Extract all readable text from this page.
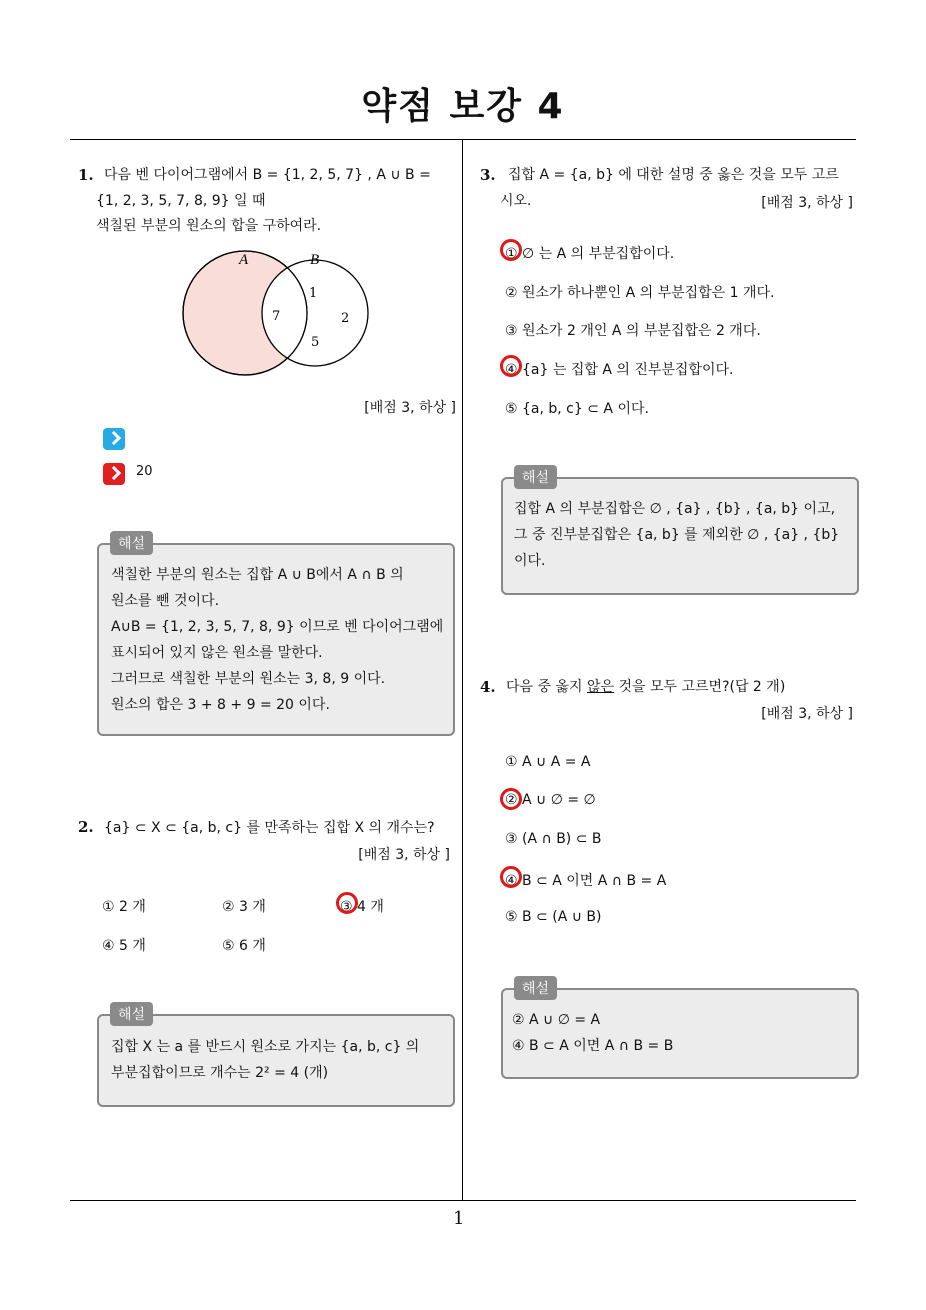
약점 보강 4
1
1. 다음 벤 다이어그램에서 B = {1, 2, 5, 7} , A ∪ B =
{1, 2, 3, 5, 7, 8, 9} 일 때
색칠된 부분의 원소의 합을 구하여라.
A	B
1
2
7
5
[배점 3, 하상 ]
20
해설
색칠한 부분의 원소는 집합 A ∪ B에서 A ∩ B 의
원소를 뺀 것이다.
A∪B = {1, 2, 3, 5, 7, 8, 9} 이므로 벤 다이어그램에
표시되어 있지 않은 원소를 말한다.
그러므로 색칠한 부분의 원소는 3, 8, 9 이다.
원소의 합은 3 + 8 + 9 = 20 이다.
2. {a} ⊂ X ⊂ {a, b, c} 를 만족하는 집합 X 의 개수는?
[배점 3, 하상 ]
① 2 개	② 3 개	③ 4 개
④ 5 개	⑤ 6 개
해설
집합 X 는 a 를 반드시 원소로 가지는 {a, b, c} 의
부분집합이므로 개수는 2² = 4 (개)
3. 집합 A = {a, b} 에 대한 설명 중 옳은 것을 모두 고르
시오.	[배점 3, 하상 ]
① ∅ 는 A 의 부분집합이다.
② 원소가 하나뿐인 A 의 부분집합은 1 개다.
③ 원소가 2 개인 A 의 부분집합은 2 개다.
④ {a} 는 집합 A 의 진부분집합이다.
⑤ {a, b, c} ⊂ A 이다.
해설
집합 A 의 부분집합은 ∅ , {a} , {b} , {a, b} 이고,
그 중 진부분집합은 {a, b} 를 제외한 ∅ , {a} , {b}
이다.
4. 다음 중 옳지 않은 것을 모두 고르면?(답 2 개)
[배점 3, 하상 ]
① A ∪ A = A
② A ∪ ∅ = ∅
③ (A ∩ B) ⊂ B
④ B ⊂ A 이면 A ∩ B = A
⑤ B ⊂ (A ∪ B)
해설
② A ∪ ∅ = A
④ B ⊂ A 이면 A ∩ B = B
